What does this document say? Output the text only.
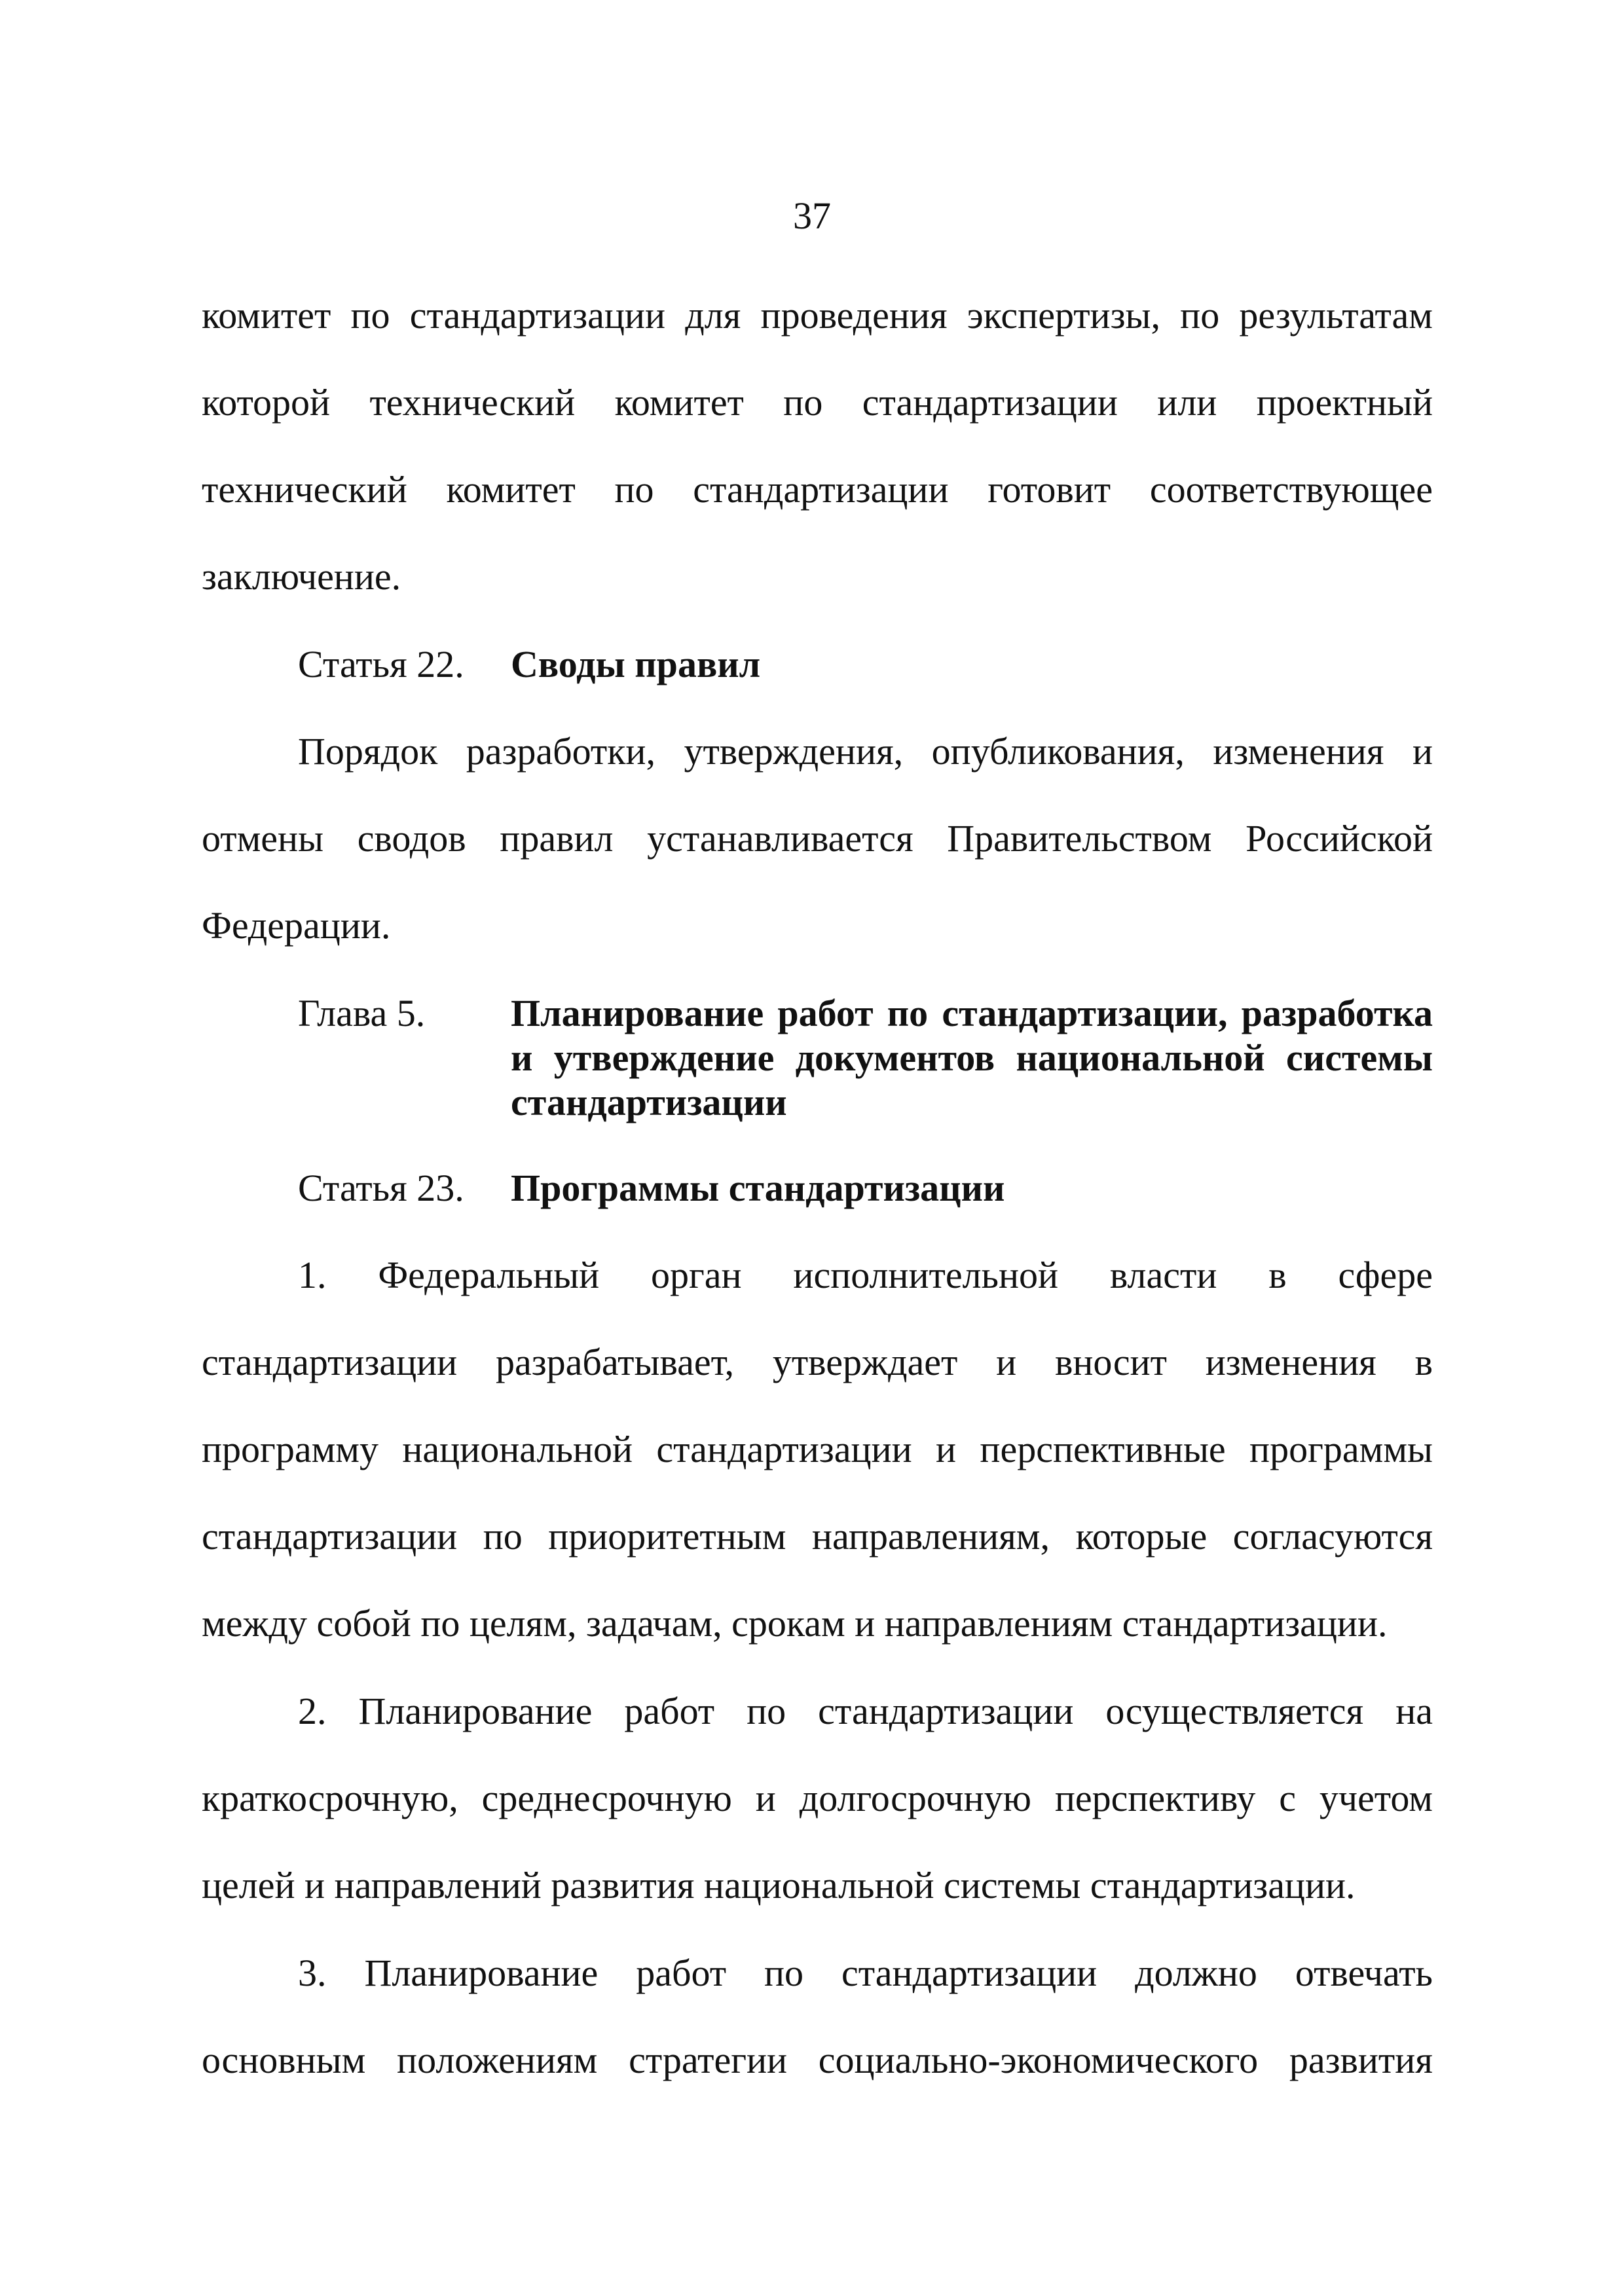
37
комитет по стандартизации для проведения экспертизы, по результатам
которой технический комитет по стандартизации или проектный
технический комитет по стандартизации готовит соответствующее
заключение.
Статья 22. Своды правил
Порядок разработки, утверждения, опубликования, изменения и
отмены сводов правил устанавливается Правительством Российской
Федерации.
Глава 5. Планирование работ по стандартизации, разработка
и утверждение документов национальной системы
стандартизации
Статья 23. Программы стандартизации
1. Федеральный орган исполнительной власти в сфере
стандартизации разрабатывает, утверждает и вносит изменения в
программу национальной стандартизации и перспективные программы
стандартизации по приоритетным направлениям, которые согласуются
между собой по целям, задачам, срокам и направлениям стандартизации.
2. Планирование работ по стандартизации осуществляется на
краткосрочную, среднесрочную и долгосрочную перспективу с учетом
целей и направлений развития национальной системы стандартизации.
3. Планирование работ по стандартизации должно отвечать
основным положениям стратегии социально-экономического развития
